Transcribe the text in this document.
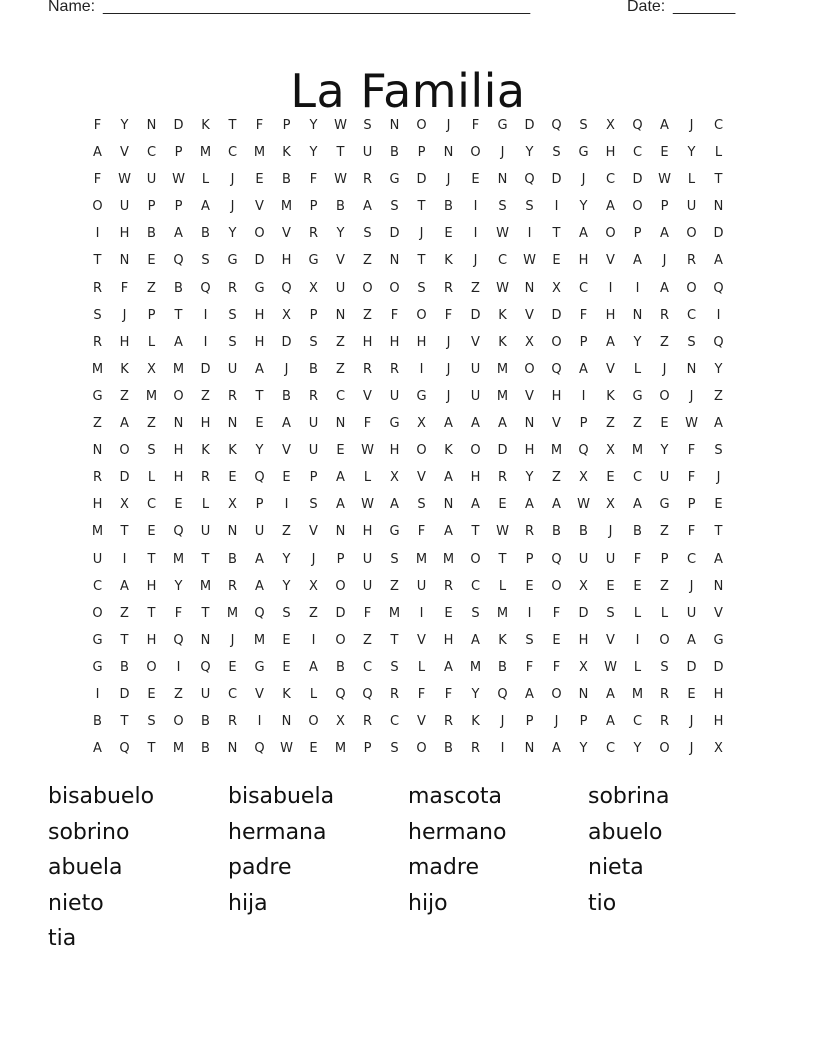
Name: ________________________________________________	Date: _______
La Familia
F	Y	N	D	K	T	F	P	Y	W	S	N	O	J	F	G	D	Q	S	X	Q	A	J	C
A	V	C	P	M	C	M	K	Y	T	U	B	P	N	O	J	Y	S	G	H	C	E	Y	L
F	W	U	W	L	J	E	B	F	W	R	G	D	J	E	N	Q	D	J	C	D	W	L	T
O	U	P	P	A	J	V	M	P	B	A	S	T	B	I	S	S	I	Y	A	O	P	U	N
I	H	B	A	B	Y	O	V	R	Y	S	D	J	E	I	W	I	T	A	O	P	A	O	D
T	N	E	Q	S	G	D	H	G	V	Z	N	T	K	J	C	W	E	H	V	A	J	R	A
R	F	Z	B	Q	R	G	Q	X	U	O	O	S	R	Z	W	N	X	C	I	I	A	O	Q
S	J	P	T	I	S	H	X	P	N	Z	F	O	F	D	K	V	D	F	H	N	R	C	I
R	H	L	A	I	S	H	D	S	Z	H	H	H	J	V	K	X	O	P	A	Y	Z	S	Q
M	K	X	M	D	U	A	J	B	Z	R	R	I	J	U	M	O	Q	A	V	L	J	N	Y
G	Z	M	O	Z	R	T	B	R	C	V	U	G	J	U	M	V	H	I	K	G	O	J	Z
Z	A	Z	N	H	N	E	A	U	N	F	G	X	A	A	A	N	V	P	Z	Z	E	W	A
N	O	S	H	K	K	Y	V	U	E	W	H	O	K	O	D	H	M	Q	X	M	Y	F	S
R	D	L	H	R	E	Q	E	P	A	L	X	V	A	H	R	Y	Z	X	E	C	U	F	J
H	X	C	E	L	X	P	I	S	A	W	A	S	N	A	E	A	A	W	X	A	G	P	E
M	T	E	Q	U	N	U	Z	V	N	H	G	F	A	T	W	R	B	B	J	B	Z	F	T
U	I	T	M	T	B	A	Y	J	P	U	S	M	M	O	T	P	Q	U	U	F	P	C	A
C	A	H	Y	M	R	A	Y	X	O	U	Z	U	R	C	L	E	O	X	E	E	Z	J	N
O	Z	T	F	T	M	Q	S	Z	D	F	M	I	E	S	M	I	F	D	S	L	L	U	V
G	T	H	Q	N	J	M	E	I	O	Z	T	V	H	A	K	S	E	H	V	I	O	A	G
G	B	O	I	Q	E	G	E	A	B	C	S	L	A	M	B	F	F	X	W	L	S	D	D
I	D	E	Z	U	C	V	K	L	Q	Q	R	F	F	Y	Q	A	O	N	A	M	R	E	H
B	T	S	O	B	R	I	N	O	X	R	C	V	R	K	J	P	J	P	A	C	R	J	H
A	Q	T	M	B	N	Q	W	E	M	P	S	O	B	R	I	N	A	Y	C	Y	O	J	X
bisabuelo	bisabuela	mascota	sobrina
sobrino	hermana	hermano	abuelo
abuela	padre	madre	nieta
nieto	hija	hijo	tio
tia
